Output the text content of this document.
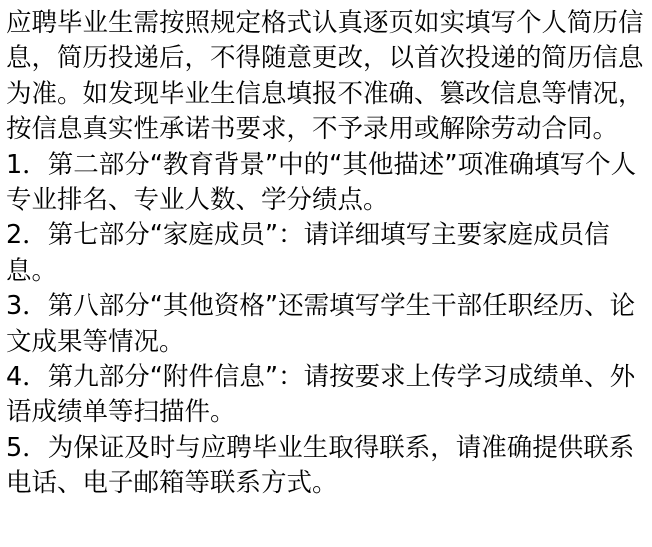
应聘毕业生需按照规定格式认真逐页如实填写个人简历信息，简历投递后，不得随意更改，以首次投递的简历信息为准。如发现毕业生信息填报不准确、篡改信息等情况，按信息真实性承诺书要求，不予录用或解除劳动合同。

1．第二部分“教育背景”中的“其他描述”项准确填写个人专业排名、专业人数、学分绩点。

2．第七部分“家庭成员”：请详细填写主要家庭成员信息。

3．第八部分“其他资格”还需填写学生干部任职经历、论文成果等情况。

4．第九部分“附件信息”：请按要求上传学习成绩单、外语成绩单等扫描件。

5．为保证及时与应聘毕业生取得联系，请准确提供联系电话、电子邮箱等联系方式。
